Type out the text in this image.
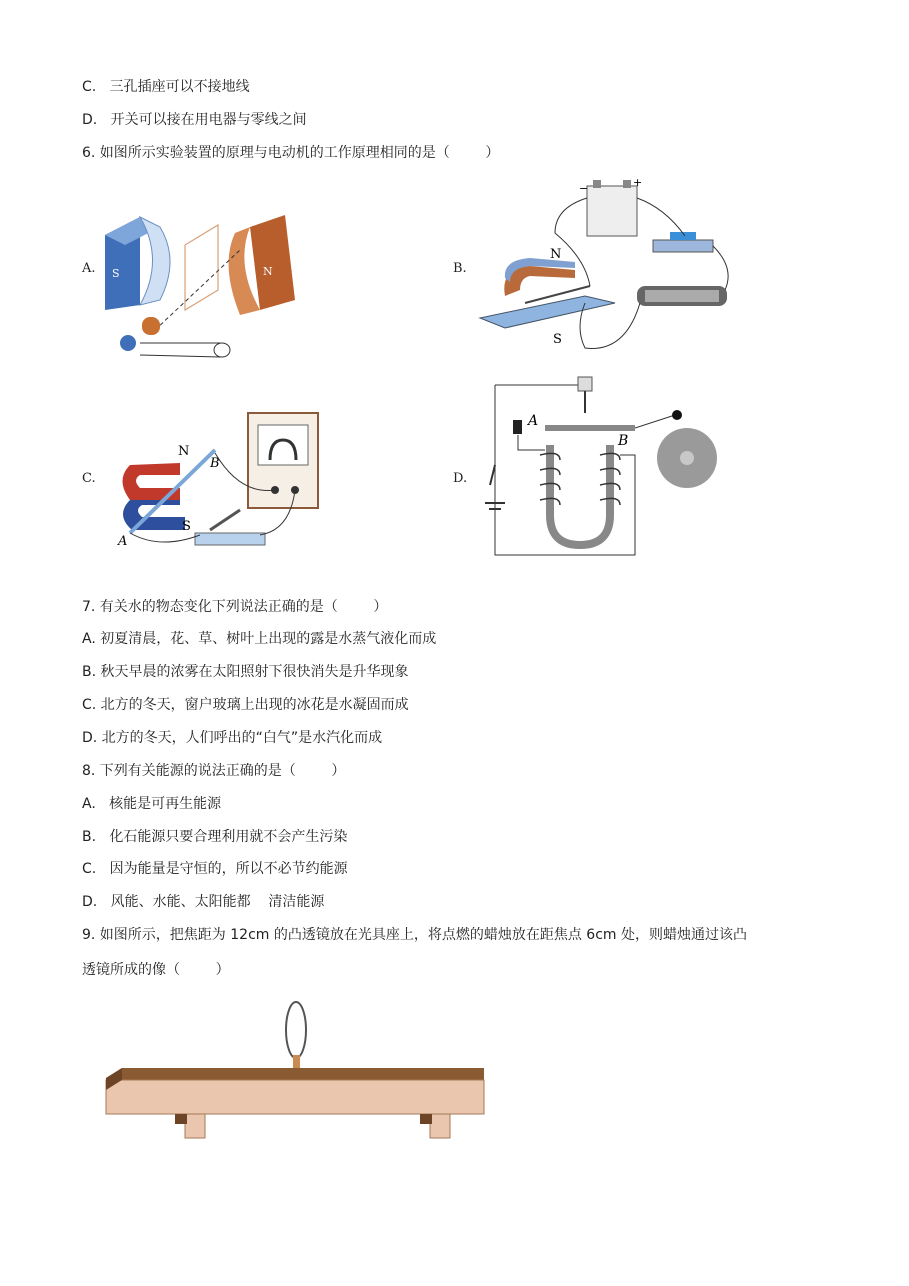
C.   三孔插座可以不接地线
D.   开关可以接在用电器与零线之间
6. 如图所示实验装置的原理与电动机的工作原理相同的是（        ）
A.	B.
C.	D.
S	N
−	+
N
S
N
S
A
B
A
B
7. 有关水的物态变化下列说法正确的是（        ）
A. 初夏清晨，花、草、树叶上出现的露是水蒸气液化而成
B. 秋天早晨的浓雾在太阳照射下很快消失是升华现象
C. 北方的冬天，窗户玻璃上出现的冰花是水凝固而成
D. 北方的冬天，人们呼出的“白气”是水汽化而成
8. 下列有关能源的说法正确的是（        ）
A.   核能是可再生能源
B.   化石能源只要合理利用就不会产生污染
C.   因为能量是守恒的，所以不必节约能源
D.   风能、水能、太阳能都    清洁能源
9. 如图所示，把焦距为 12cm 的凸透镜放在光具座上，将点燃的蜡烛放在距焦点 6cm 处，则蜡烛通过该凸
透镜所成的像（        ）
